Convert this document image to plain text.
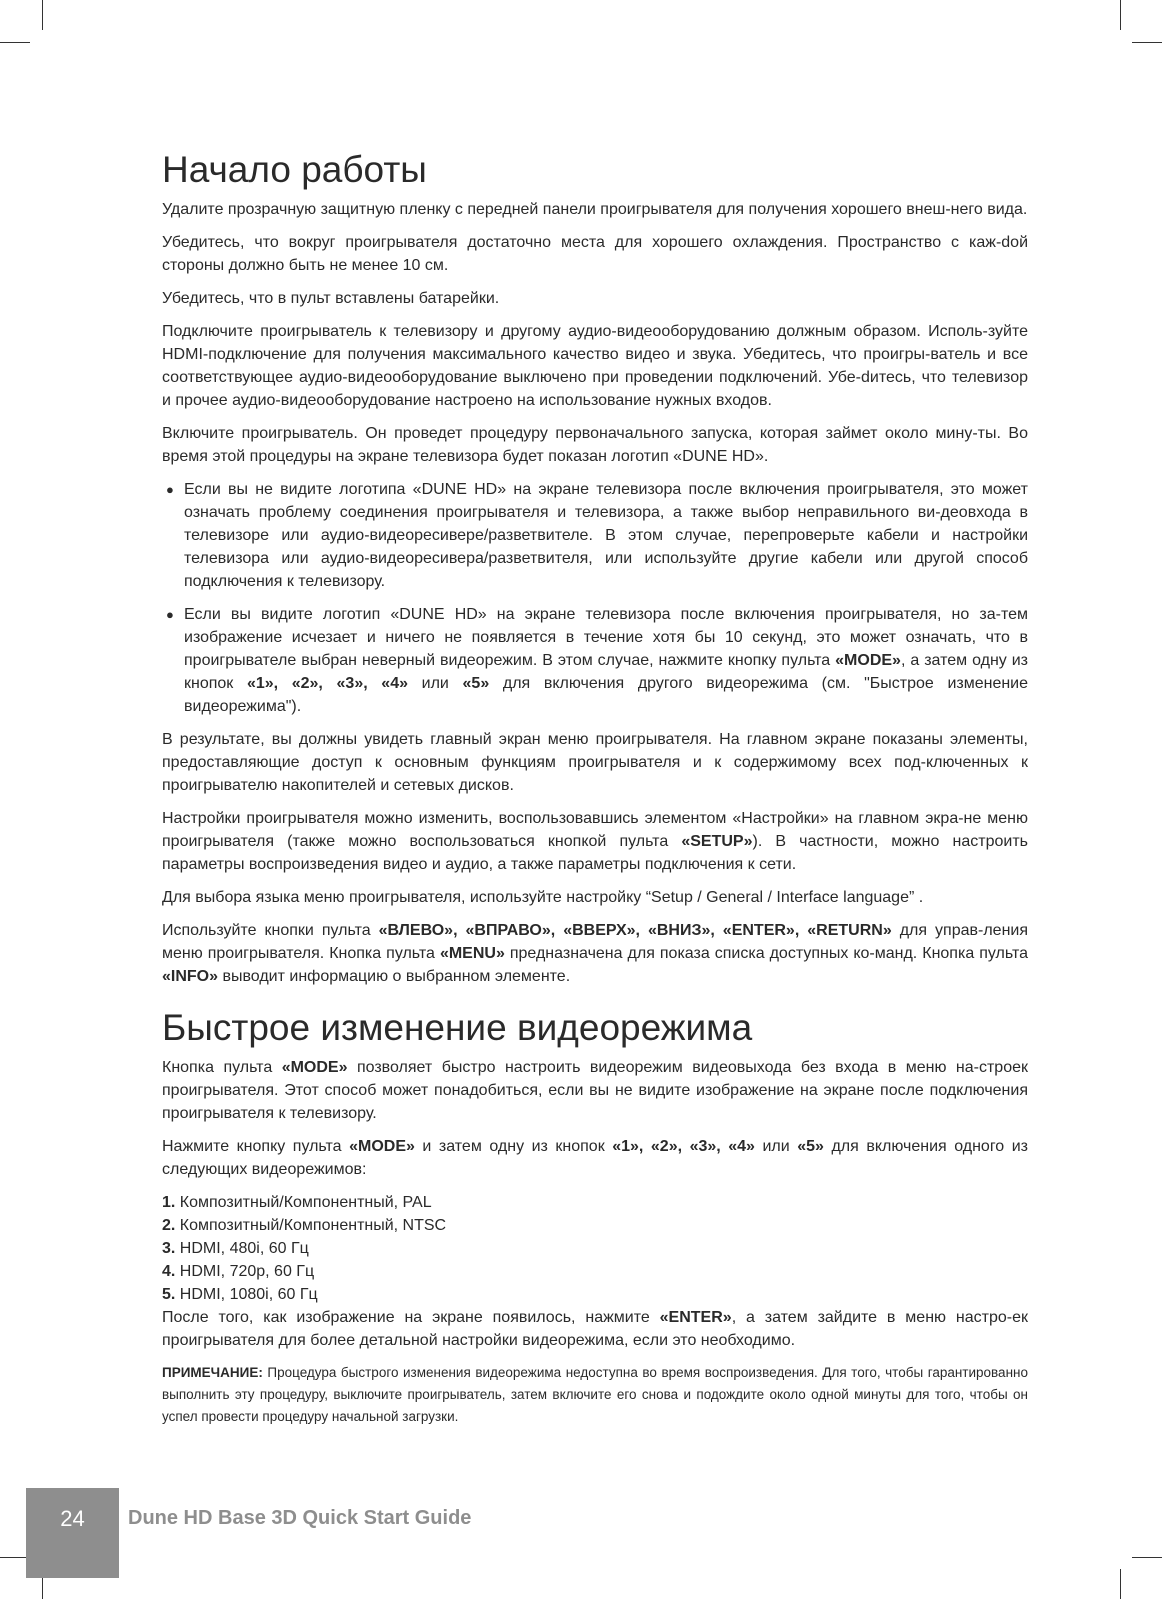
Начало работы

Удалите прозрачную защитную пленку с передней панели проигрывателя для получения хорошего внеш-него вида.

Убедитесь, что вокруг проигрывателя достаточно места для хорошего охлаждения. Пространство с каж-dой стороны должно быть не менее 10 см.

Убедитесь, что в пульт вставлены батарейки.

Подключите проигрыватель к телевизору и другому аудио-видеооборудованию должным образом. Исполь-зуйте HDMI-подключение для получения максимального качество видео и звука. Убедитесь, что проигры-ватель и все соответствующее аудио-видеооборудование выключено при проведении подключений. Убе-dитесь, что телевизор и прочее аудио-видеооборудование настроено на использование нужных входов.

Включите проигрыватель. Он проведет процедуру первоначального запуска, которая займет около мину-ты. Во время этой процедуры на экране телевизора будет показан логотип «DUNE HD».

● Если вы не видите логотипа «DUNE HD» на экране телевизора после включения проигрывателя, это может означать проблему соединения проигрывателя и телевизора, а также выбор неправильного ви-деовхода в телевизоре или аудио-видеоресивере/разветвителе. В этом случае, перепроверьте кабели и настройки телевизора или аудио-видеоресивера/разветвителя, или используйте другие кабели или другой способ подключения к телевизору.
● Если вы видите логотип «DUNE HD» на экране телевизора после включения проигрывателя, но за-тем изображение исчезает и ничего не появляется в течение хотя бы 10 секунд, это может означать, что в проигрывателе выбран неверный видеорежим. В этом случае, нажмите кнопку пульта «MODE», а затем одну из кнопок «1», «2», «3», «4» или «5» для включения другого видеорежима (см. "Быстрое изменение видеорежима").

В результате, вы должны увидеть главный экран меню проигрывателя. На главном экране показаны элементы, предоставляющие доступ к основным функциям проигрывателя и к содержимому всех под-ключенных к проигрывателю накопителей и сетевых дисков.

Настройки проигрывателя можно изменить, воспользовавшись элементом «Настройки» на главном экра-не меню проигрывателя (также можно воспользоваться кнопкой пульта «SETUP»). В частности, можно настроить параметры воспроизведения видео и аудио, а также параметры подключения к сети.

Для выбора языка меню проигрывателя, используйте настройку “Setup / General / Interface language” .

Используйте кнопки пульта «ВЛЕВО», «ВПРАВО», «ВВЕРХ», «ВНИЗ», «ENTER», «RETURN» для управ-ления меню проигрывателя. Кнопка пульта «MENU» предназначена для показа списка доступных ко-манд. Кнопка пульта «INFO» выводит информацию о выбранном элементе.

Быстрое изменение видеорежима

Кнопка пульта «MODE» позволяет быстро настроить видеорежим видеовыхода без входа в меню на-строек проигрывателя. Этот способ может понадобиться, если вы не видите изображение на экране после подключения проигрывателя к телевизору.

Нажмите кнопку пульта «MODE» и затем одну из кнопок «1», «2», «3», «4» или «5» для включения одного из следующих видеорежимов:

1. Композитный/Компонентный, PAL
2. Композитный/Компонентный, NTSC
3. HDMI, 480i, 60 Гц
4. HDMI, 720p, 60 Гц
5. HDMI, 1080i, 60 Гц

После того, как изображение на экране появилось, нажмите «ENTER», а затем зайдите в меню настро-ек проигрывателя для более детальной настройки видеорежима, если это необходимо.

ПРИМЕЧАНИЕ: Процедура быстрого изменения видеорежима недоступна во время воспроизведения. Для того, чтобы гарантированно выполнить эту процедуру, выключите проигрыватель, затем включите его снова и подождите около одной минуты для того, чтобы он успел провести процедуру начальной загрузки.
24	Dune HD Base 3D Quick Start Guide
